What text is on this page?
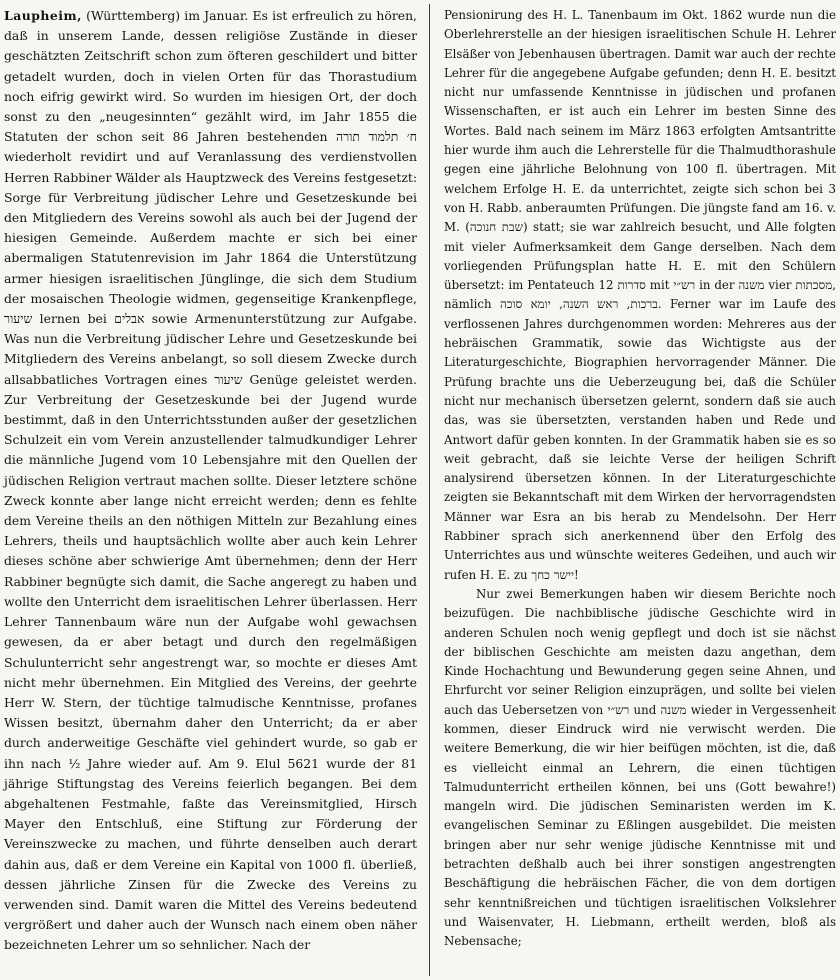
Laupheim, (Württemberg) im Januar. Es ist erfreulich zu hören, daß in unserem Lande, dessen religiöse Zustände in dieser geschätzten Zeitschrift schon zum öfteren geschildert und bitter getadelt wurden, doch in vielen Orten für das Thorastudium noch eifrig gewirkt wird. So wurden im hiesigen Ort, der doch sonst zu den „neugesinnten“ gezählt wird, im Jahr 1855 die Statuten der schon seit 86 Jahren bestehenden ח׳ תלמוד תורה wiederholt revidirt und auf Veranlassung des verdienstvollen Herren Rabbiner Wälder als Hauptzweck des Vereins festgesetzt: Sorge für Verbreitung jüdischer Lehre und Gesetzeskunde bei den Mitgliedern des Vereins sowohl als auch bei der Jugend der hiesigen Gemeinde. Außerdem machte er sich bei einer abermaligen Statutenrevision im Jahr 1864 die Unterstützung armer hiesigen israelitischen Jünglinge, die sich dem Studium der mosaischen Theologie widmen, gegenseitige Krankenpflege, שיעור lernen bei אבלים sowie Armenunterstützung zur Aufgabe. Was nun die Verbreitung jüdischer Lehre und Gesetzeskunde bei Mitgliedern des Vereins anbelangt, so soll diesem Zwecke durch allsabbatliches Vortragen eines שיעור Genüge geleistet werden. Zur Verbreitung der Gesetzeskunde bei der Jugend wurde bestimmt, daß in den Unterrichtsstunden außer der gesetzlichen Schulzeit ein vom Verein anzustellender talmudkundiger Lehrer die männliche Jugend vom 10 Lebensjahre mit den Quellen der jüdischen Religion vertraut machen sollte. Dieser letztere schöne Zweck konnte aber lange nicht erreicht werden; denn es fehlte dem Vereine theils an den nöthigen Mitteln zur Bezahlung eines Lehrers, theils und hauptsächlich wollte aber auch kein Lehrer dieses schöne aber schwierige Amt übernehmen; denn der Herr Rabbiner begnügte sich damit, die Sache angeregt zu haben und wollte den Unterricht dem israelitischen Lehrer überlassen. Herr Lehrer Tannenbaum wäre nun der Aufgabe wohl gewachsen gewesen, da er aber betagt und durch den regelmäßigen Schulunterricht sehr angestrengt war, so mochte er dieses Amt nicht mehr übernehmen. Ein Mitglied des Vereins, der geehrte Herr W. Stern, der tüchtige talmudische Kenntnisse, profanes Wissen besitzt, übernahm daher den Unterricht; da er aber durch anderweitige Geschäfte viel gehindert wurde, so gab er ihn nach ½ Jahre wieder auf. Am 9. Elul 5621 wurde der 81 jährige Stiftungstag des Vereins feierlich begangen. Bei dem abgehaltenen Festmahle, faßte das Vereinsmitglied, Hirsch Mayer den Entschluß, eine Stiftung zur Förderung der Vereinszwecke zu machen, und führte denselben auch derart dahin aus, daß er dem Vereine ein Kapital von 1000 fl. überließ, dessen jährliche Zinsen für die Zwecke des Vereins zu verwenden sind. Damit waren die Mittel des Vereins bedeutend vergrößert und daher auch der Wunsch nach einem oben näher bezeichneten Lehrer um so sehnlicher. Nach der

Pensionirung des H. L. Tanenbaum im Okt. 1862 wurde nun die Oberlehrerstelle an der hiesigen israelitischen Schule H. Lehrer Elsäßer von Jebenhausen übertragen. Damit war auch der rechte Lehrer für die angegebene Aufgabe gefunden; denn H. E. besitzt nicht nur umfassende Kenntnisse in jüdischen und profanen Wissenschaften, er ist auch ein Lehrer im besten Sinne des Wortes. Bald nach seinem im März 1863 erfolgten Amtsantritte hier wurde ihm auch die Lehrerstelle für die Thalmudthorashule gegen eine jährliche Belohnung von 100 fl. übertragen. Mit welchem Erfolge H. E. da unterrichtet, zeigte sich schon bei 3 von H. Rabb. anberaumten Prüfungen. Die jüngste fand am 16. v. M. (שבת חנוכה) statt; sie war zahlreich besucht, und Alle folgten mit vieler Aufmerksamkeit dem Gange derselben. Nach dem vorliegenden Prüfungsplan hatte H. E. mit den Schülern übersetzt: im Pentateuch 12 סדרות mit רש״י in der משנה vier מסכתות, nämlich ברכות, ראש השנה, יומא סוכה. Ferner war im Laufe des verflossenen Jahres durchgenommen worden: Mehreres aus der hebräischen Grammatik, sowie das Wichtigste aus der Literaturgeschichte, Biographien hervorragender Männer. Die Prüfung brachte uns die Ueberzeugung bei, daß die Schüler nicht nur mechanisch übersetzen gelernt, sondern daß sie auch das, was sie übersetzten, verstanden haben und Rede und Antwort dafür geben konnten. In der Grammatik haben sie es so weit gebracht, daß sie leichte Verse der heiligen Schrift analysirend übersetzen können. In der Literaturgeschichte zeigten sie Bekanntschaft mit dem Wirken der hervorragendsten Männer war Esra an bis herab zu Mendelsohn. Der Herr Rabbiner sprach sich anerkennend über den Erfolg des Unterrichtes aus und wünschte weiteres Gedeihen, und auch wir rufen H. E. zu יישר כחך!

Nur zwei Bemerkungen haben wir diesem Berichte noch beizufügen. Die nachbiblische jüdische Geschichte wird in anderen Schulen noch wenig gepflegt und doch ist sie nächst der biblischen Geschichte am meisten dazu angethan, dem Kinde Hochachtung und Bewunderung gegen seine Ahnen, und Ehrfurcht vor seiner Religion einzuprägen, und sollte bei vielen auch das Uebersetzen von רש״י und משנה wieder in Vergessenheit kommen, dieser Eindruck wird nie verwischt werden. Die weitere Bemerkung, die wir hier beifügen möchten, ist die, daß es vielleicht einmal an Lehrern, die einen tüchtigen Talmudunterricht ertheilen können, bei uns (Gott bewahre!) mangeln wird. Die jüdischen Seminaristen werden im K. evangelischen Seminar zu Eßlingen ausgebildet. Die meisten bringen aber nur sehr wenige jüdische Kenntnisse mit und betrachten deßhalb auch bei ihrer sonstigen angestrengten Beschäftigung die hebräischen Fächer, die von dem dortigen sehr kenntnißreichen und tüchtigen israelitischen Volkslehrer und Waisenvater, H. Liebmann, ertheilt werden, bloß als Nebensache;
